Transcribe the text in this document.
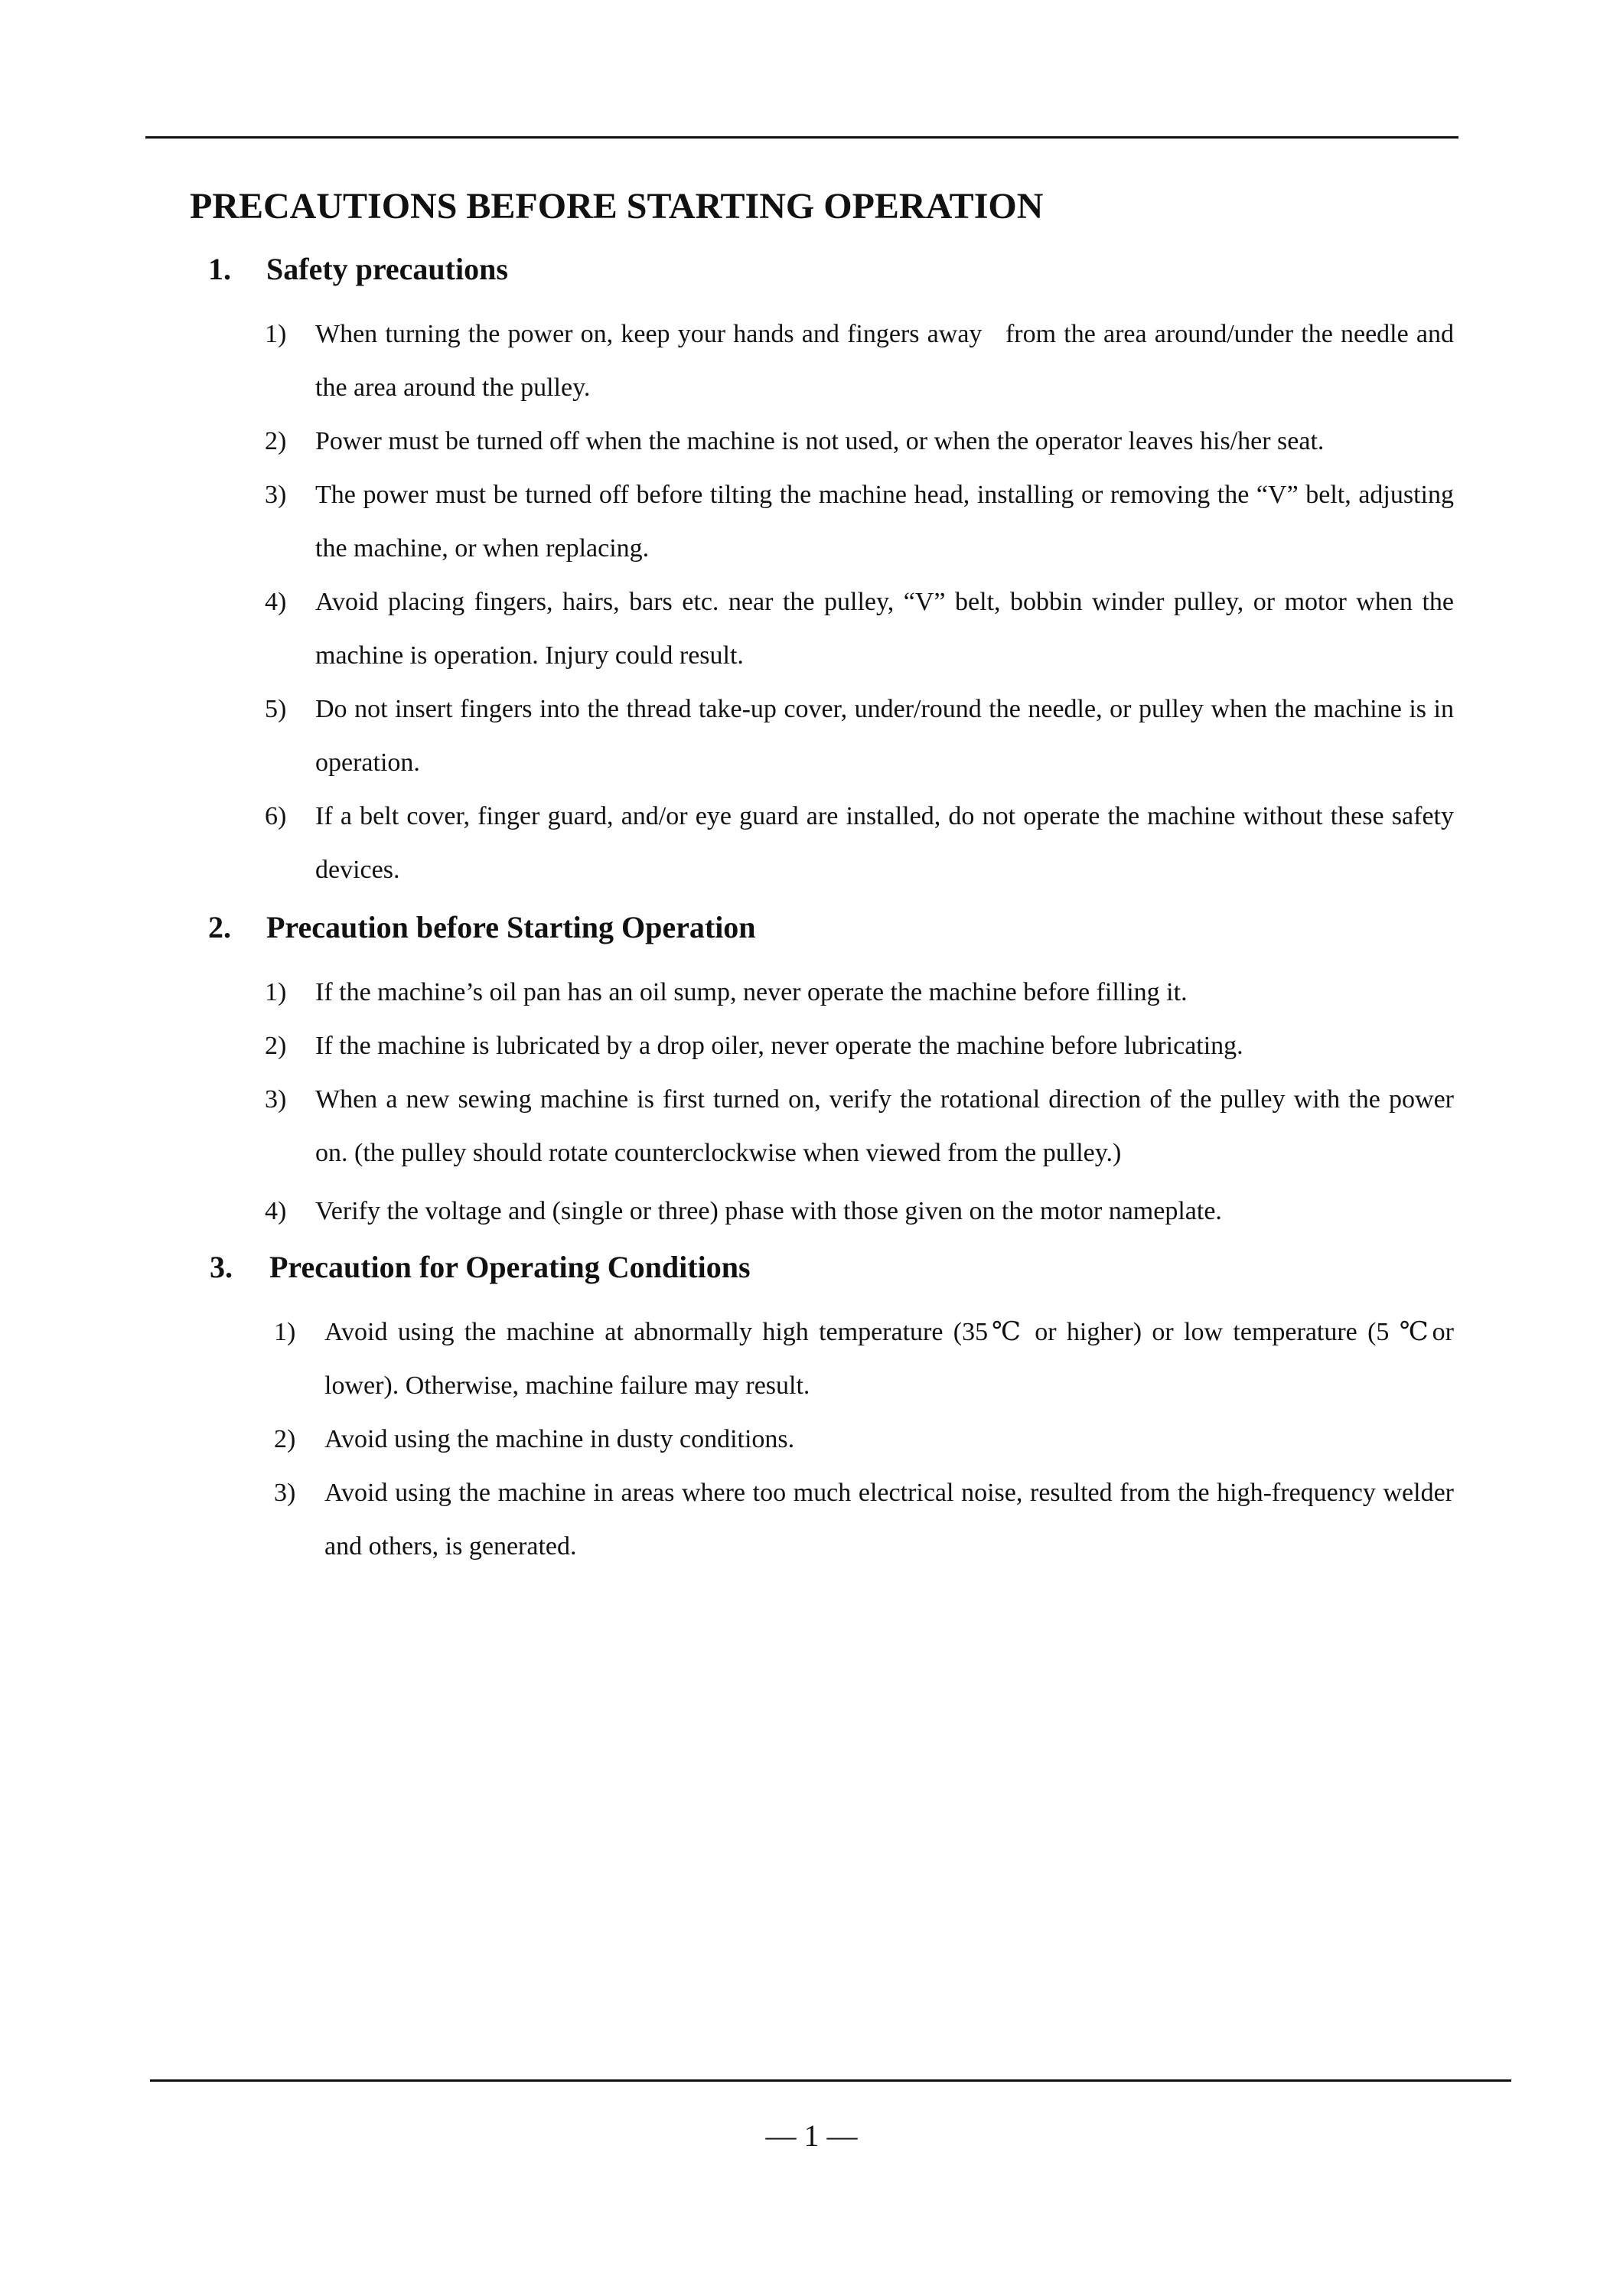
PRECAUTIONS BEFORE STARTING OPERATION
1. Safety precautions
1) When turning the power on, keep your hands and fingers away   from the area around/under the needle and the area around the pulley.
2) Power must be turned off when the machine is not used, or when the operator leaves his/her seat.
3) The power must be turned off before tilting the machine head, installing or removing the “V” belt, adjusting the machine, or when replacing.
4) Avoid placing fingers, hairs, bars etc. near the pulley, “V” belt, bobbin winder pulley, or motor when the machine is operation. Injury could result.
5) Do not insert fingers into the thread take-up cover, under/round the needle, or pulley when the machine is in operation.
6) If a belt cover, finger guard, and/or eye guard are installed, do not operate the machine without these safety devices.
2. Precaution before Starting Operation
1) If the machine’s oil pan has an oil sump, never operate the machine before filling it.
2) If the machine is lubricated by a drop oiler, never operate the machine before lubricating.
3) When a new sewing machine is first turned on, verify the rotational direction of the pulley with the power on. (the pulley should rotate counterclockwise when viewed from the pulley.)
4) Verify the voltage and (single or three) phase with those given on the motor nameplate.
3. Precaution for Operating Conditions
1) Avoid using the machine at abnormally high temperature (35℃ or higher) or low temperature (5 ℃or lower). Otherwise, machine failure may result.
2) Avoid using the machine in dusty conditions.
3) Avoid using the machine in areas where too much electrical noise, resulted from the high-frequency welder and others, is generated.
— 1 —
